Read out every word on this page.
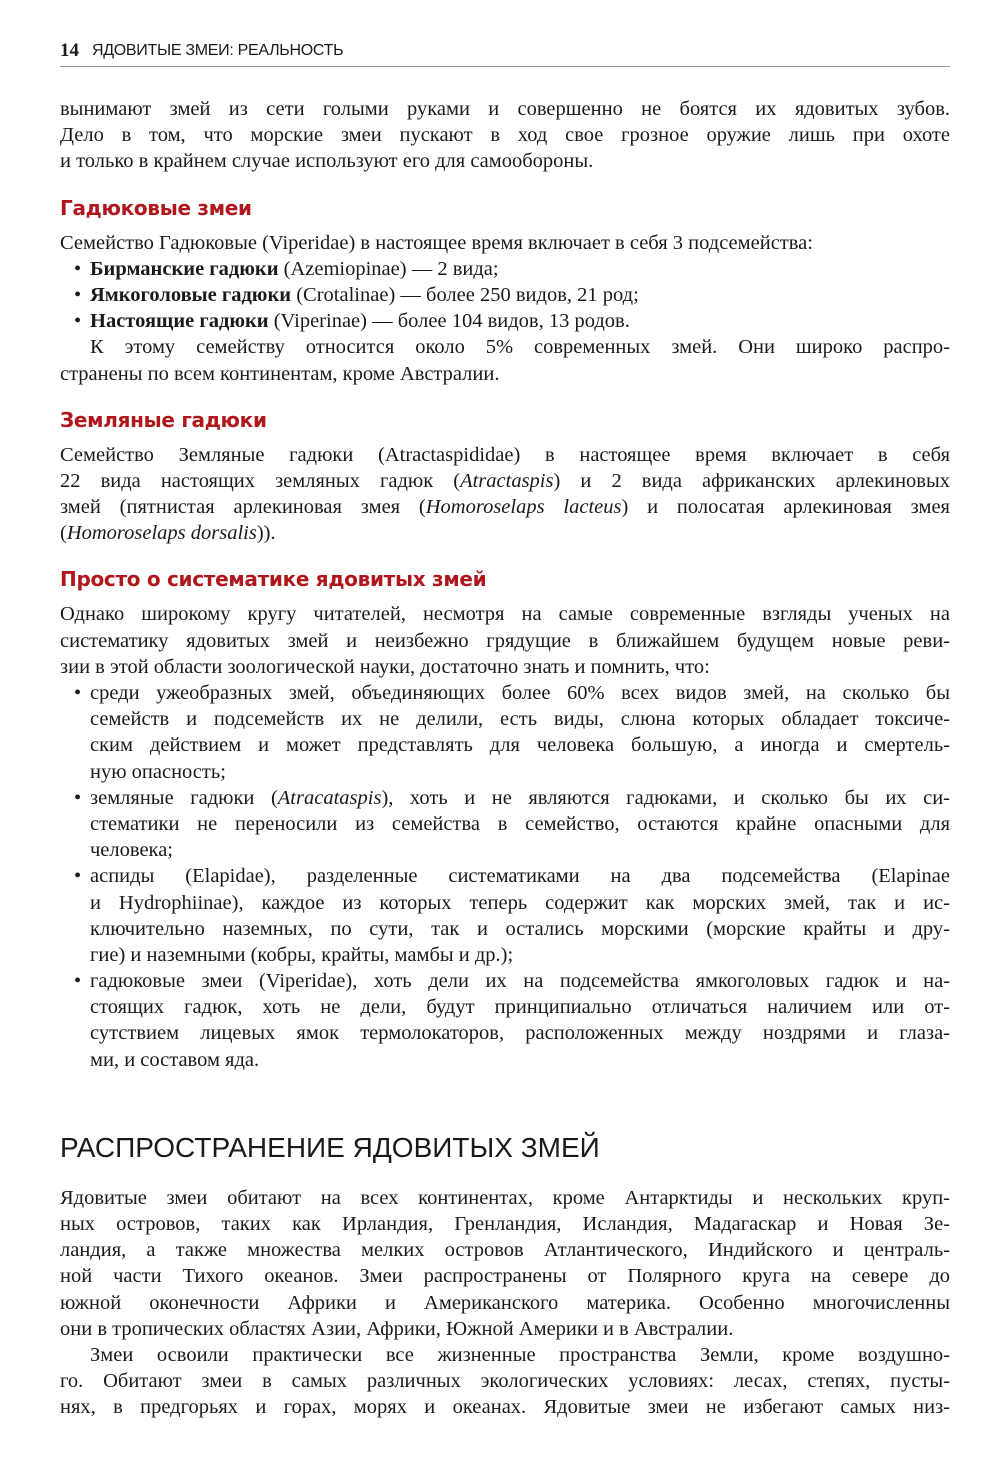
14 ЯДОВИТЫЕ ЗМЕИ: РЕАЛЬНОСТЬ
вынимают змей из сети голыми руками и совершенно не боятся их ядовитых зубов.
Дело в том, что морские змеи пускают в ход свое грозное оружие лишь при охоте
и только в крайнем случае используют его для самообороны.
Гадюковые змеи
Семейство Гадюковые (Viperidae) в настоящее время включает в себя 3 подсемейства:
• Бирманские гадюки (Azemiopinae) — 2 вида;
• Ямкоголовые гадюки (Crotalinae) — более 250 видов, 21 род;
• Настоящие гадюки (Viperinae) — более 104 видов, 13 родов.
К этому семейству относится около 5% современных змей. Они широко распро-
странены по всем континентам, кроме Австралии.
Земляные гадюки
Семейство Земляные гадюки (Atractaspididae) в настоящее время включает в себя
22 вида настоящих земляных гадюк (Atractaspis) и 2 вида африканских арлекиновых
змей (пятнистая арлекиновая змея (Homoroselaps lacteus) и полосатая арлекиновая змея
(Homoroselaps dorsalis)).
Просто о систематике ядовитых змей
Однако широкому кругу читателей, несмотря на самые современные взгляды ученых на
систематику ядовитых змей и неизбежно грядущие в ближайшем будущем новые реви-
зии в этой области зоологической науки, достаточно знать и помнить, что:
• среди ужеобразных змей, объединяющих более 60% всех видов змей, на сколько бы
семейств и подсемейств их не делили, есть виды, слюна которых обладает токсиче-
ским действием и может представлять для человека большую, а иногда и смертель-
ную опасность;
• земляные гадюки (Atracataspis), хоть и не являются гадюками, и сколько бы их си-
стематики не переносили из семейства в семейство, остаются крайне опасными для
человека;
• аспиды (Elapidae), разделенные систематиками на два подсемейства (Elapinae
и Hydrophiinae), каждое из которых теперь содержит как морских змей, так и ис-
ключительно наземных, по сути, так и остались морскими (морские крайты и дру-
гие) и наземными (кобры, крайты, мамбы и др.);
• гадюковые змеи (Viperidae), хоть дели их на подсемейства ямкоголовых гадюк и на-
стоящих гадюк, хоть не дели, будут принципиально отличаться наличием или от-
сутствием лицевых ямок термолокаторов, расположенных между ноздрями и глаза-
ми, и составом яда.
РАСПРОСТРАНЕНИЕ ЯДОВИТЫХ ЗМЕЙ
Ядовитые змеи обитают на всех континентах, кроме Антарктиды и нескольких круп-
ных островов, таких как Ирландия, Гренландия, Исландия, Мадагаскар и Новая Зе-
ландия, а также множества мелких островов Атлантического, Индийского и централь-
ной части Тихого океанов. Змеи распространены от Полярного круга на севере до
южной оконечности Африки и Американского материка. Особенно многочисленны
они в тропических областях Азии, Африки, Южной Америки и в Австралии.
Змеи освоили практически все жизненные пространства Земли, кроме воздушно-
го. Обитают змеи в самых различных экологических условиях: лесах, степях, пусты-
нях, в предгорьях и горах, морях и океанах. Ядовитые змеи не избегают самых низ-
